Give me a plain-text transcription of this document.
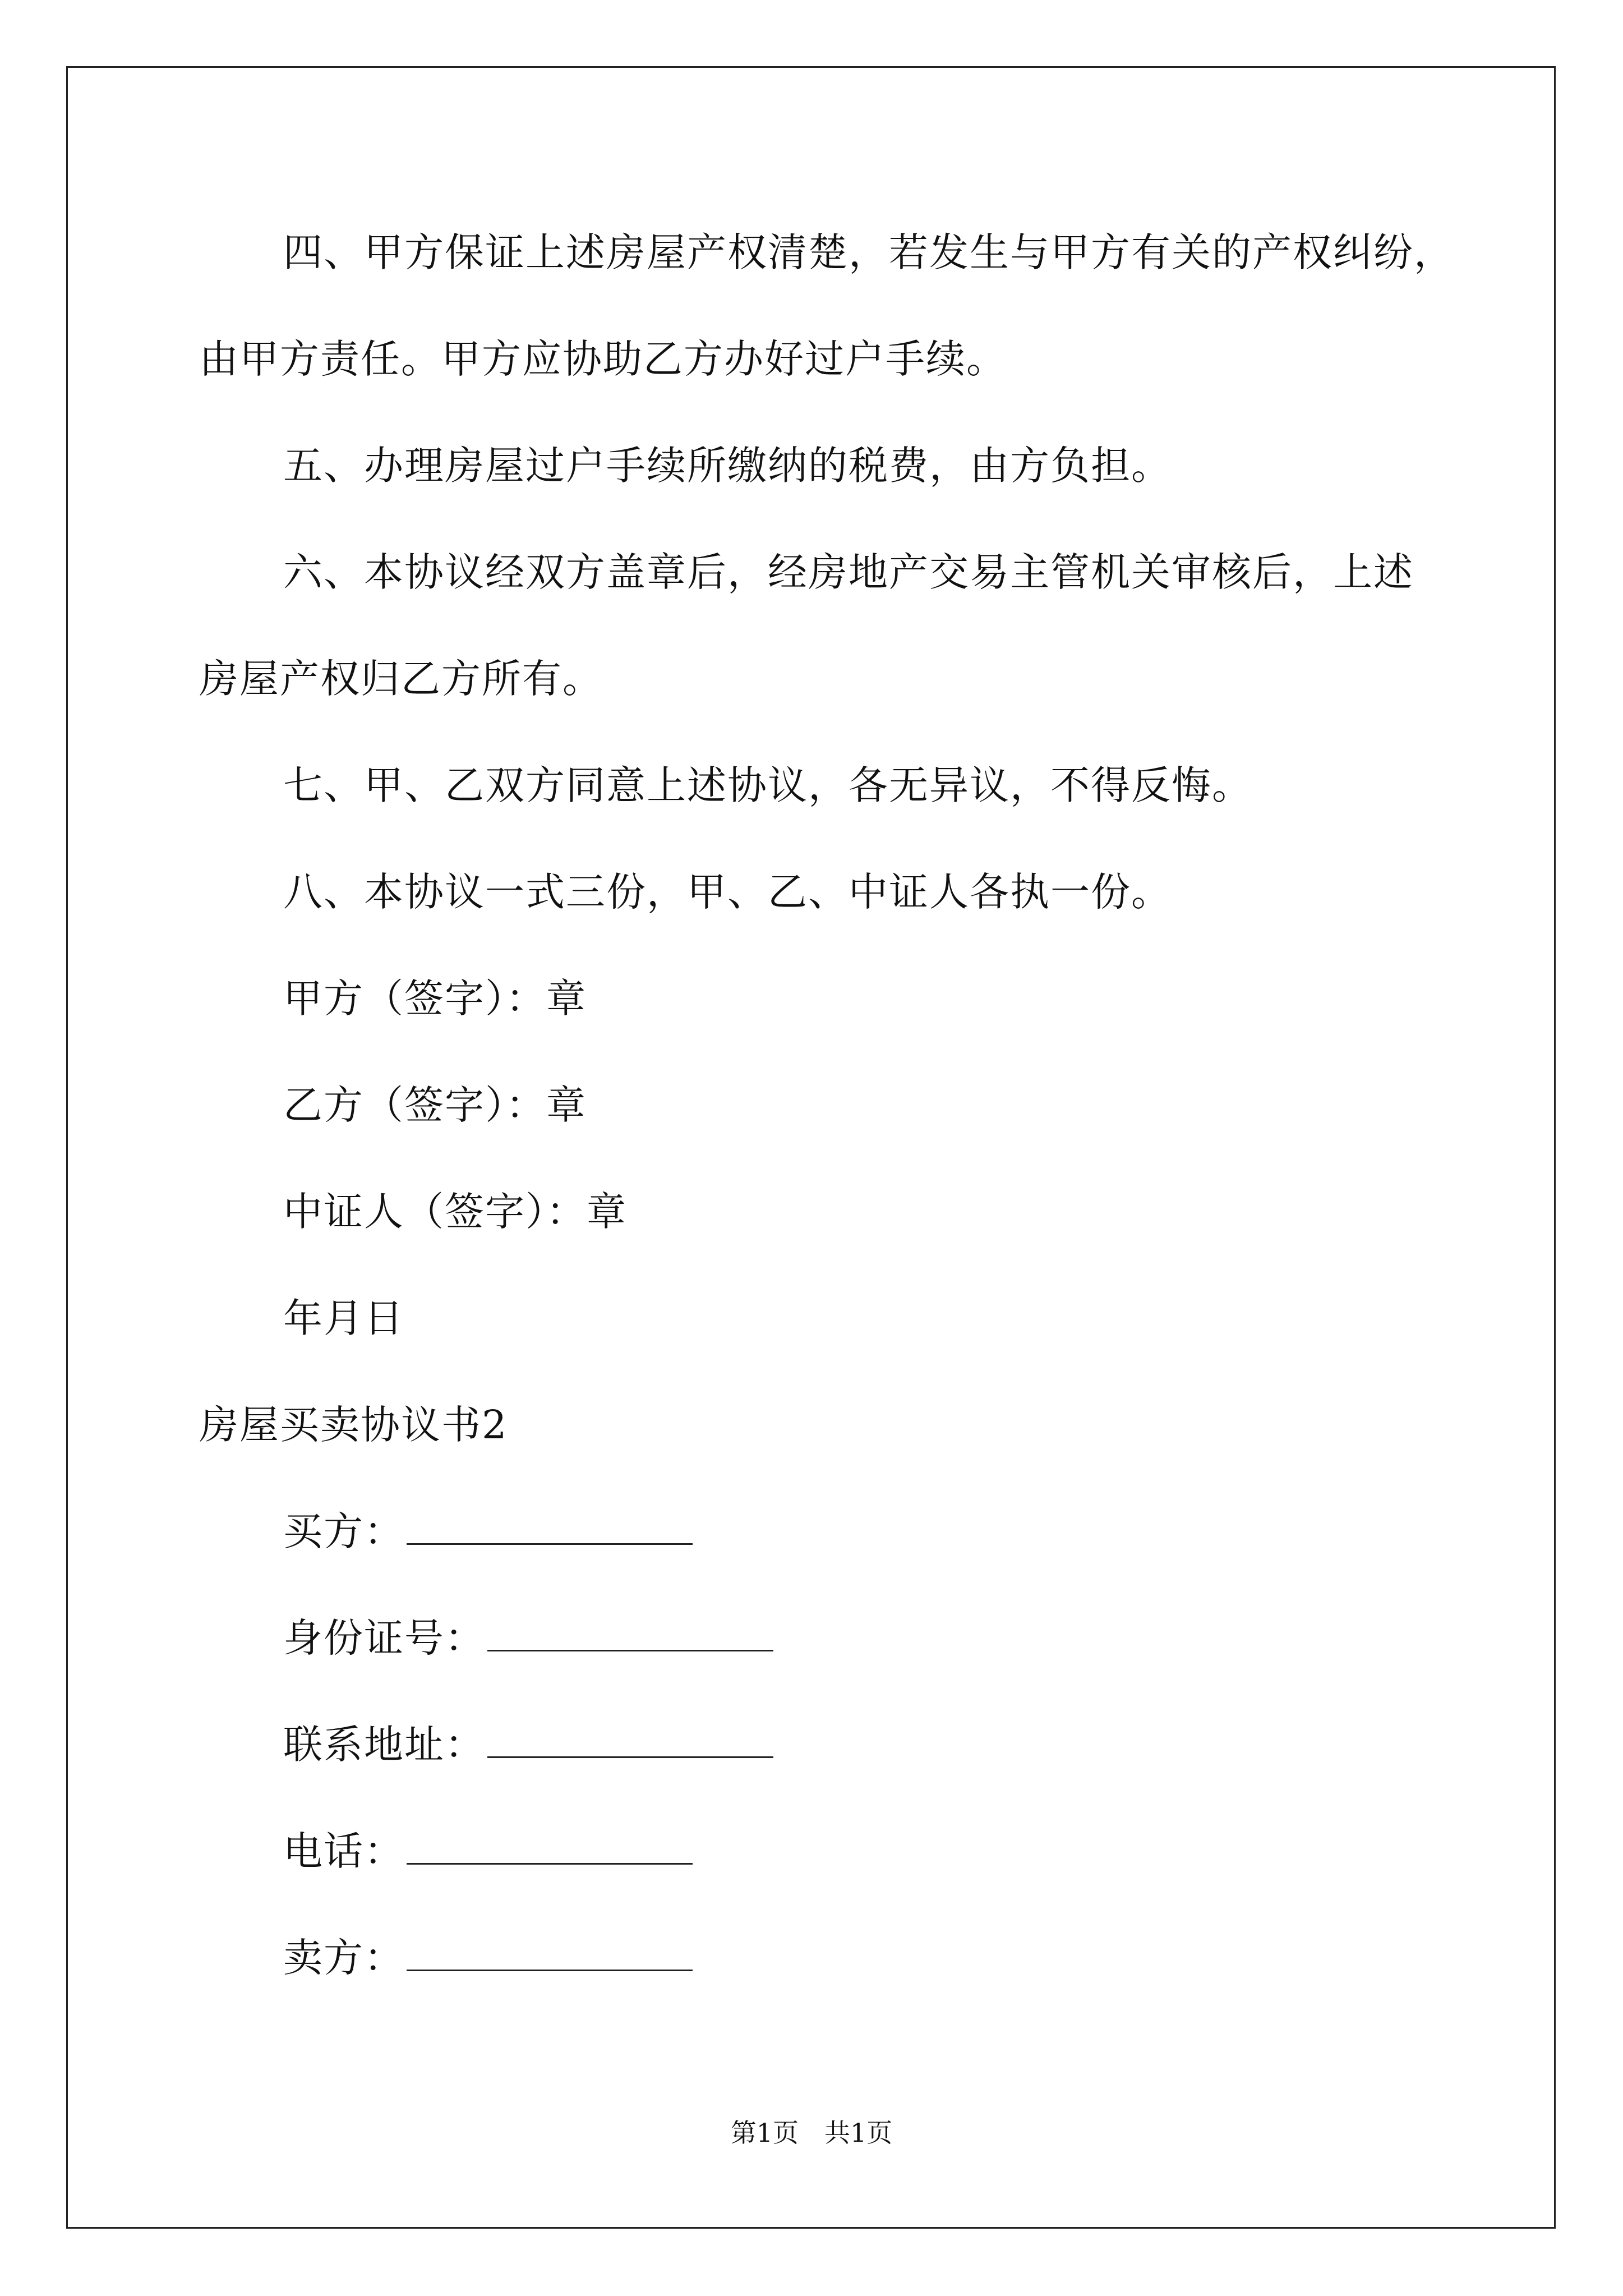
四、甲方保证上述房屋产权清楚，若发生与甲方有关的产权纠纷，
由甲方责任。甲方应协助乙方办好过户手续。
五、办理房屋过户手续所缴纳的税费，由方负担。
六、本协议经双方盖章后，经房地产交易主管机关审核后，上述
房屋产权归乙方所有。
七、甲、乙双方同意上述协议，各无异议，不得反悔。
八、本协议一式三份，甲、乙、中证人各执一份。
甲方（签字）：章
乙方（签字）：章
中证人（签字）：章
年月日
房屋买卖协议书2
买方：
身份证号：
联系地址：
电话：
卖方：
第1页　共1页
